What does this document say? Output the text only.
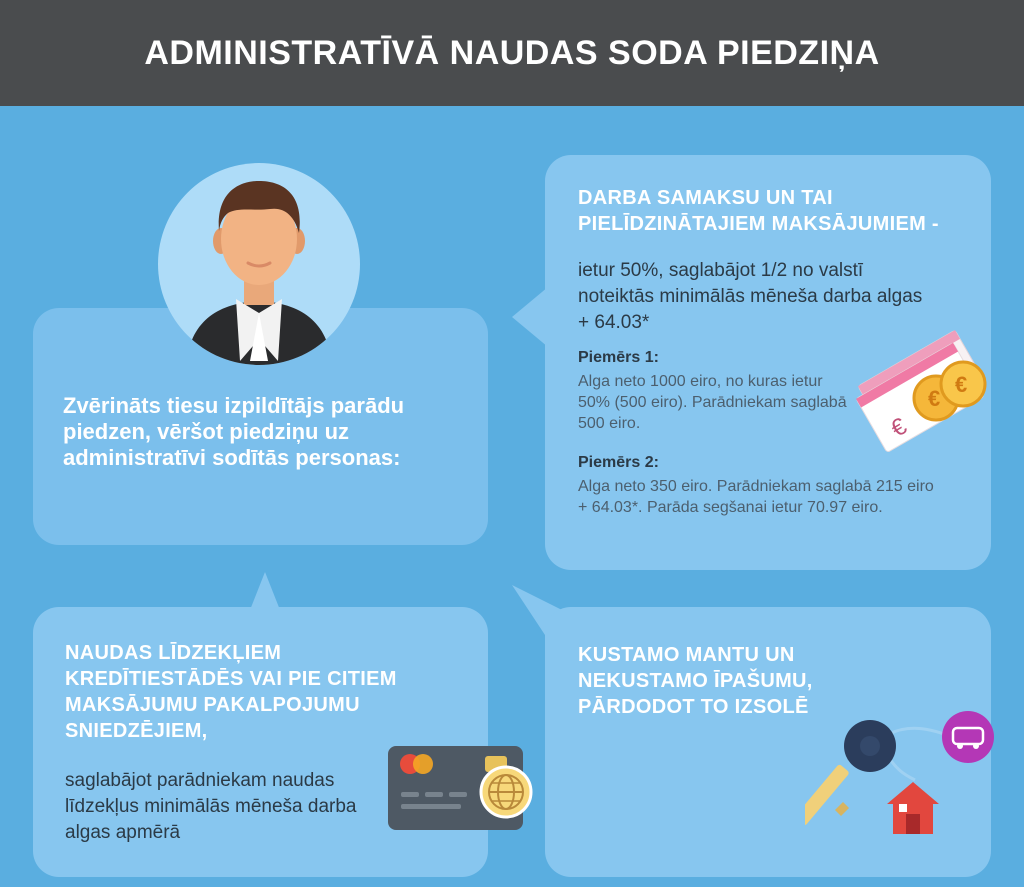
ADMINISTRATĪVĀ NAUDAS SODA PIEDZIŅA
Zvērināts tiesu izpildītājs parādu piedzen, vēršot piedziņu uz administratīvi sodītās personas:
DARBA SAMAKSU UN TAI PIELĪDZINĀTAJIEM MAKSĀJUMIEM -
ietur 50%, saglabājot 1/2 no valstī noteiktās minimālās mēneša darba algas + 64.03*
Piemērs 1:
Alga neto 1000 eiro, no kuras ietur 50% (500 eiro). Parādniekam saglabā 500 eiro.
Piemērs 2:
Alga neto 350 eiro. Parādniekam saglabā 215 eiro + 64.03*. Parāda segšanai ietur 70.97 eiro.
€
€
€
NAUDAS LĪDZEKĻIEM KREDĪTIESTĀDĒS VAI PIE CITIEM MAKSĀJUMU PAKALPOJUMU SNIEDZĒJIEM,
saglabājot parādniekam naudas līdzekļus minimālās mēneša darba algas apmērā
KUSTAMO MANTU UN NEKUSTAMO ĪPAŠUMU, PĀRDODOT TO IZSOLĒ
